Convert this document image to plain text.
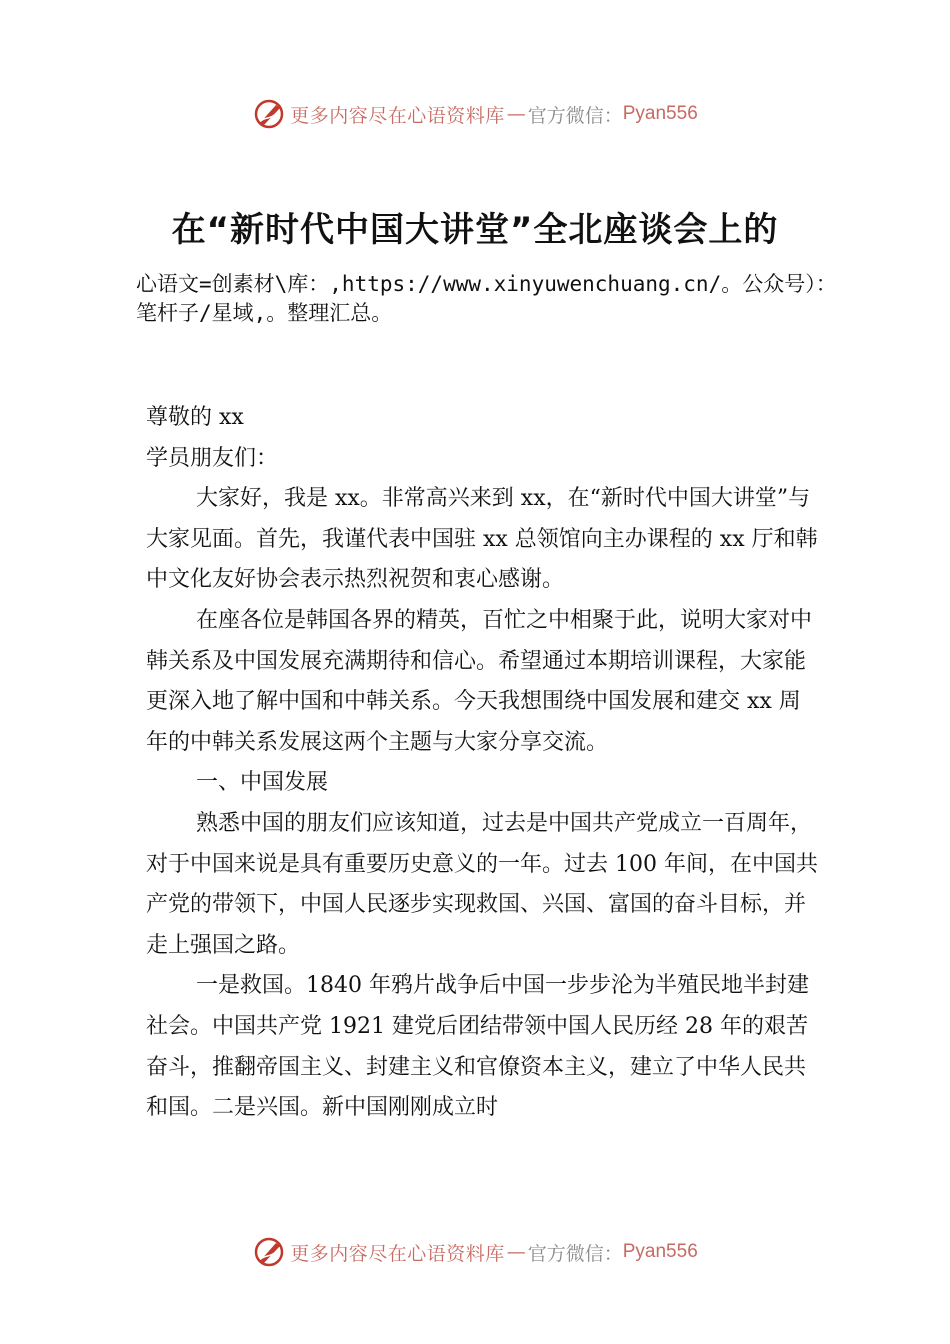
更多内容尽在心语资料库 — 官方微信： Pyan556
在“新时代中国大讲堂”全北座谈会上的
心语文=创素材\库：,https://www.xinyuwenchuang.cn/。公众号）：笔杆子/星域,。整理汇总。

尊敬的 xx

学员朋友们：

大家好，我是 xx。非常高兴来到 xx，在“新时代中国大讲堂”与大家见面。首先，我谨代表中国驻 xx 总领馆向主办课程的 xx 厅和韩中文化友好协会表示热烈祝贺和衷心感谢。

在座各位是韩国各界的精英，百忙之中相聚于此，说明大家对中韩关系及中国发展充满期待和信心。希望通过本期培训课程，大家能更深入地了解中国和中韩关系。今天我想围绕中国发展和建交 xx 周年的中韩关系发展这两个主题与大家分享交流。

一、中国发展

熟悉中国的朋友们应该知道，过去是中国共产党成立一百周年，对于中国来说是具有重要历史意义的一年。过去 100 年间，在中国共产党的带领下，中国人民逐步实现救国、兴国、富国的奋斗目标，并走上强国之路。

一是救国。1840 年鸦片战争后中国一步步沦为半殖民地半封建社会。中国共产党 1921 建党后团结带领中国人民历经 28 年的艰苦奋斗，推翻帝国主义、封建主义和官僚资本主义，建立了中华人民共和国。二是兴国。新中国刚刚成立时

更多内容尽在心语资料库 — 官方微信： Pyan556
